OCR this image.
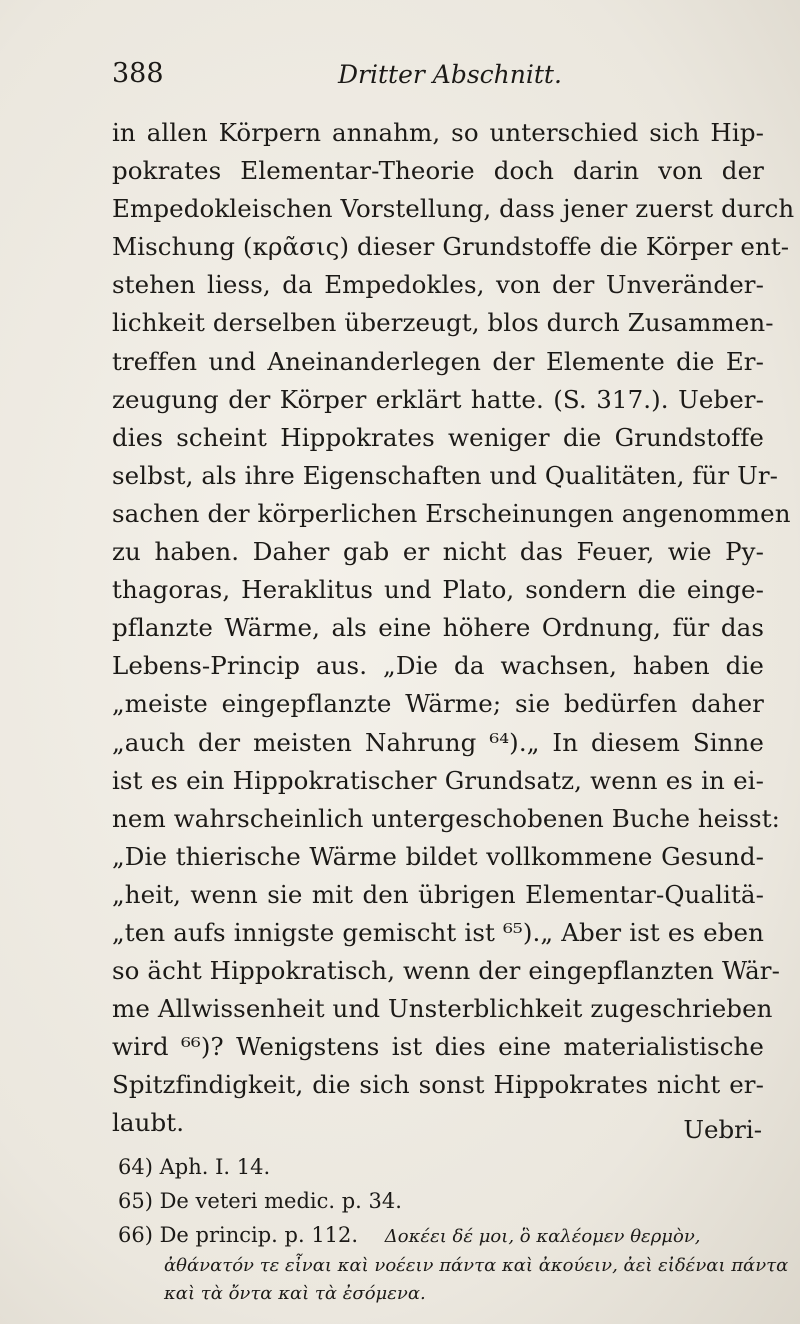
388	Dritter Abschnitt.
in allen Körpern annahm, so unterschied sich Hip-
pokrates Elementar-Theorie doch darin von der
Empedokleischen Vorstellung, dass jener zuerst durch
Mischung (κρᾶσις) dieser Grundstoffe die Körper ent-
stehen liess, da Empedokles, von der Unveränder-
lichkeit derselben überzeugt, blos durch Zusammen-
treffen und Aneinanderlegen der Elemente die Er-
zeugung der Körper erklärt hatte. (S. 317.). Ueber-
dies scheint Hippokrates weniger die Grundstoffe
selbst, als ihre Eigenschaften und Qualitäten, für Ur-
sachen der körperlichen Erscheinungen angenommen
zu haben. Daher gab er nicht das Feuer, wie Py-
thagoras, Heraklitus und Plato, sondern die einge-
pflanzte Wärme, als eine höhere Ordnung, für das
Lebens-Princip aus. „Die da wachsen, haben die
„meiste eingepflanzte Wärme; sie bedürfen daher
„auch der meisten Nahrung ⁶⁴).„ In diesem Sinne
ist es ein Hippokratischer Grundsatz, wenn es in ei-
nem wahrscheinlich untergeschobenen Buche heisst:
„Die thierische Wärme bildet vollkommene Gesund-
„heit, wenn sie mit den übrigen Elementar-Qualitä-
„ten aufs innigste gemischt ist ⁶⁵).„ Aber ist es eben
so ächt Hippokratisch, wenn der eingepflanzten Wär-
me Allwissenheit und Unsterblichkeit zugeschrieben
wird ⁶⁶)? Wenigstens ist dies eine materialistische
Spitzfindigkeit, die sich sonst Hippokrates nicht er-
laubt.	Uebri-
64) Aph. I. 14.
65) De veteri medic. p. 34.
66) De princip. p. 112. Δοκέει δέ μοι, ὃ καλέομεν θερμὸν,
ἀθάνατόν τε εἶναι καὶ νοέειν πάντα καὶ ἀκούειν, ἀεὶ εἰδέναι πάντα
καὶ τὰ ὄντα καὶ τὰ ἐσόμενα.
